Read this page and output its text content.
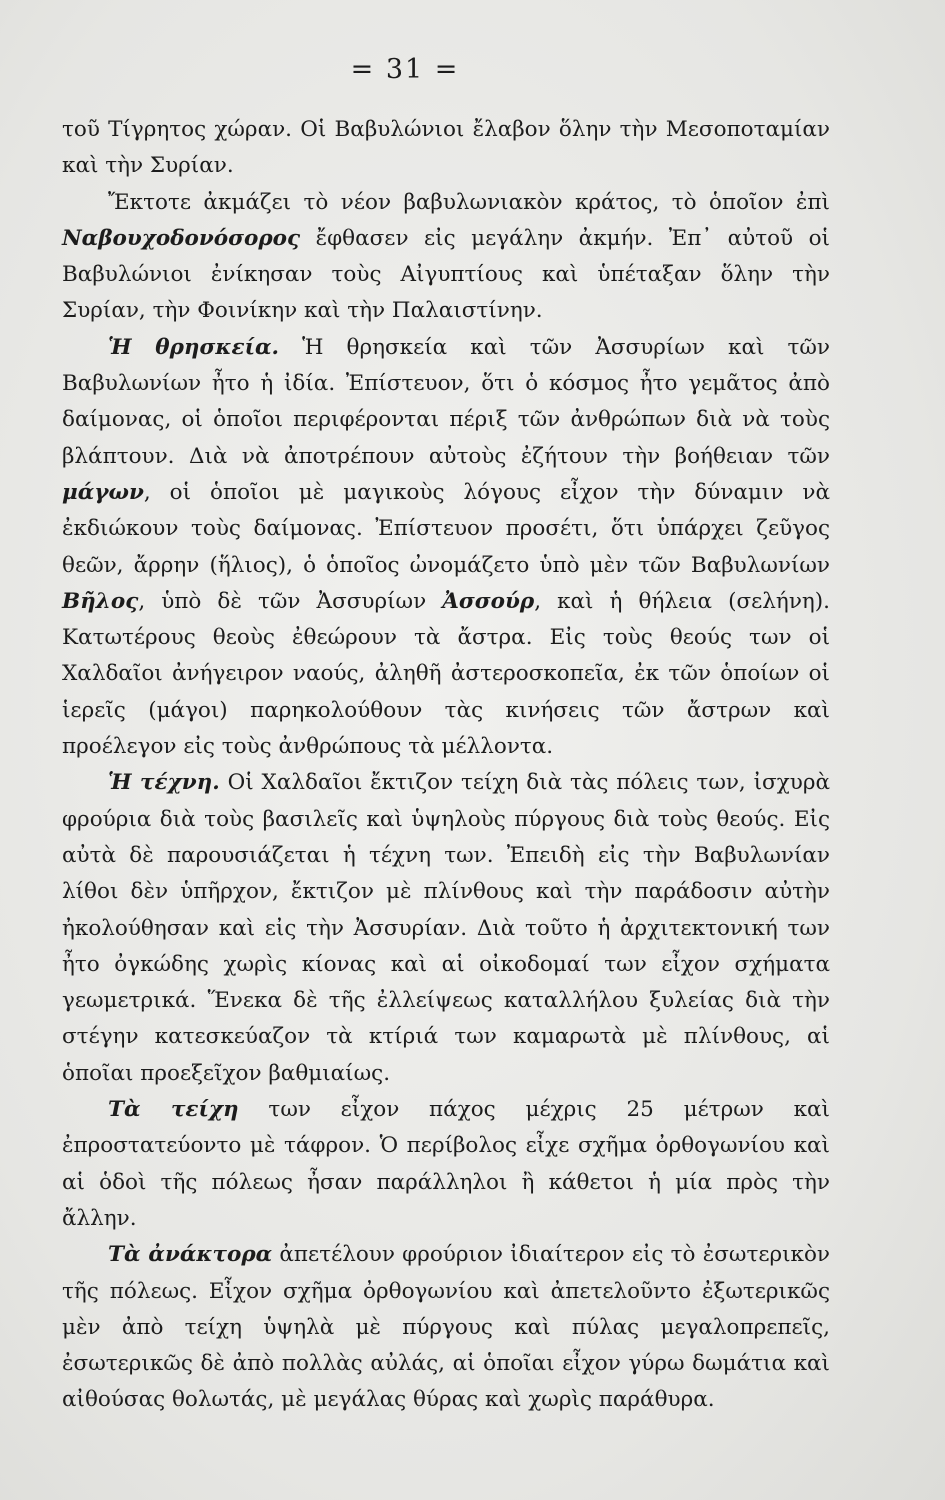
= 31 =

τοῦ Τίγρητος χώραν. Οἱ Βαβυλώνιοι ἔλαβον ὅλην τὴν Μεσοποταμίαν καὶ τὴν Συρίαν.

Ἔκτοτε ἀκμάζει τὸ νέον βαβυλωνιακὸν κράτος, τὸ ὁποῖον ἐπὶ Ναβουχοδονόσορος ἔφθασεν εἰς μεγάλην ἀκμήν. Ἐπ᾽ αὐτοῦ οἱ Βαβυλώνιοι ἐνίκησαν τοὺς Αἰγυπτίους καὶ ὑπέταξαν ὅλην τὴν Συρίαν, τὴν Φοινίκην καὶ τὴν Παλαιστίνην.

Ἡ θρησκεία. Ἡ θρησκεία καὶ τῶν Ἀσσυρίων καὶ τῶν Βαβυλωνίων ἦτο ἡ ἰδία. Ἐπίστευον, ὅτι ὁ κόσμος ἦτο γεμᾶτος ἀπὸ δαίμονας, οἱ ὁποῖοι περιφέρονται πέριξ τῶν ἀνθρώπων διὰ νὰ τοὺς βλάπτουν. Διὰ νὰ ἀποτρέπουν αὐτοὺς ἐζήτουν τὴν βοήθειαν τῶν μάγων, οἱ ὁποῖοι μὲ μαγικοὺς λόγους εἶχον τὴν δύναμιν νὰ ἐκδιώκουν τοὺς δαίμονας. Ἐπίστευον προσέτι, ὅτι ὑπάρχει ζεῦγος θεῶν, ἄρρην (ἥλιος), ὁ ὁποῖος ὠνομάζετο ὑπὸ μὲν τῶν Βαβυλωνίων Βῆλος, ὑπὸ δὲ τῶν Ἀσσυρίων Ἀσσούρ, καὶ ἡ θήλεια (σελήνη). Κατωτέρους θεοὺς ἐθεώρουν τὰ ἄστρα. Εἰς τοὺς θεούς των οἱ Χαλδαῖοι ἀνήγειρον ναούς, ἀληθῆ ἀστεροσκοπεῖα, ἐκ τῶν ὁποίων οἱ ἱερεῖς (μάγοι) παρηκολούθουν τὰς κινήσεις τῶν ἄστρων καὶ προέλεγον εἰς τοὺς ἀνθρώπους τὰ μέλλοντα.

Ἡ τέχνη. Οἱ Χαλδαῖοι ἔκτιζον τείχη διὰ τὰς πόλεις των, ἰσχυρὰ φρούρια διὰ τοὺς βασιλεῖς καὶ ὑψηλοὺς πύργους διὰ τοὺς θεούς. Εἰς αὐτὰ δὲ παρουσιάζεται ἡ τέχνη των. Ἐπειδὴ εἰς τὴν Βαβυλωνίαν λίθοι δὲν ὑπῆρχον, ἔκτιζον μὲ πλίνθους καὶ τὴν παράδοσιν αὐτὴν ἠκολούθησαν καὶ εἰς τὴν Ἀσσυρίαν. Διὰ τοῦτο ἡ ἀρχιτεκτονική των ἦτο ὀγκώδης χωρὶς κίονας καὶ αἱ οἰκοδομαί των εἶχον σχήματα γεωμετρικά. Ἕνεκα δὲ τῆς ἐλλείψεως καταλλήλου ξυλείας διὰ τὴν στέγην κατεσκεύαζον τὰ κτίριά των καμαρωτὰ μὲ πλίνθους, αἱ ὁποῖαι προεξεῖχον βαθμιαίως.

Τὰ τείχη των εἶχον πάχος μέχρις 25 μέτρων καὶ ἐπροστατεύοντο μὲ τάφρον. Ὁ περίβολος εἶχε σχῆμα ὀρθογωνίου καὶ αἱ ὁδοὶ τῆς πόλεως ἦσαν παράλληλοι ἢ κάθετοι ἡ μία πρὸς τὴν ἄλλην.

Τὰ ἀνάκτορα ἀπετέλουν φρούριον ἰδιαίτερον εἰς τὸ ἐσωτερικὸν τῆς πόλεως. Εἶχον σχῆμα ὀρθογωνίου καὶ ἀπετελοῦντο ἐξωτερικῶς μὲν ἀπὸ τείχη ὑψηλὰ μὲ πύργους καὶ πύλας μεγαλοπρεπεῖς, ἐσωτερικῶς δὲ ἀπὸ πολλὰς αὐλάς, αἱ ὁποῖαι εἶχον γύρω δωμάτια καὶ αἰθούσας θολωτάς, μὲ μεγάλας θύρας καὶ χωρὶς παράθυρα.
